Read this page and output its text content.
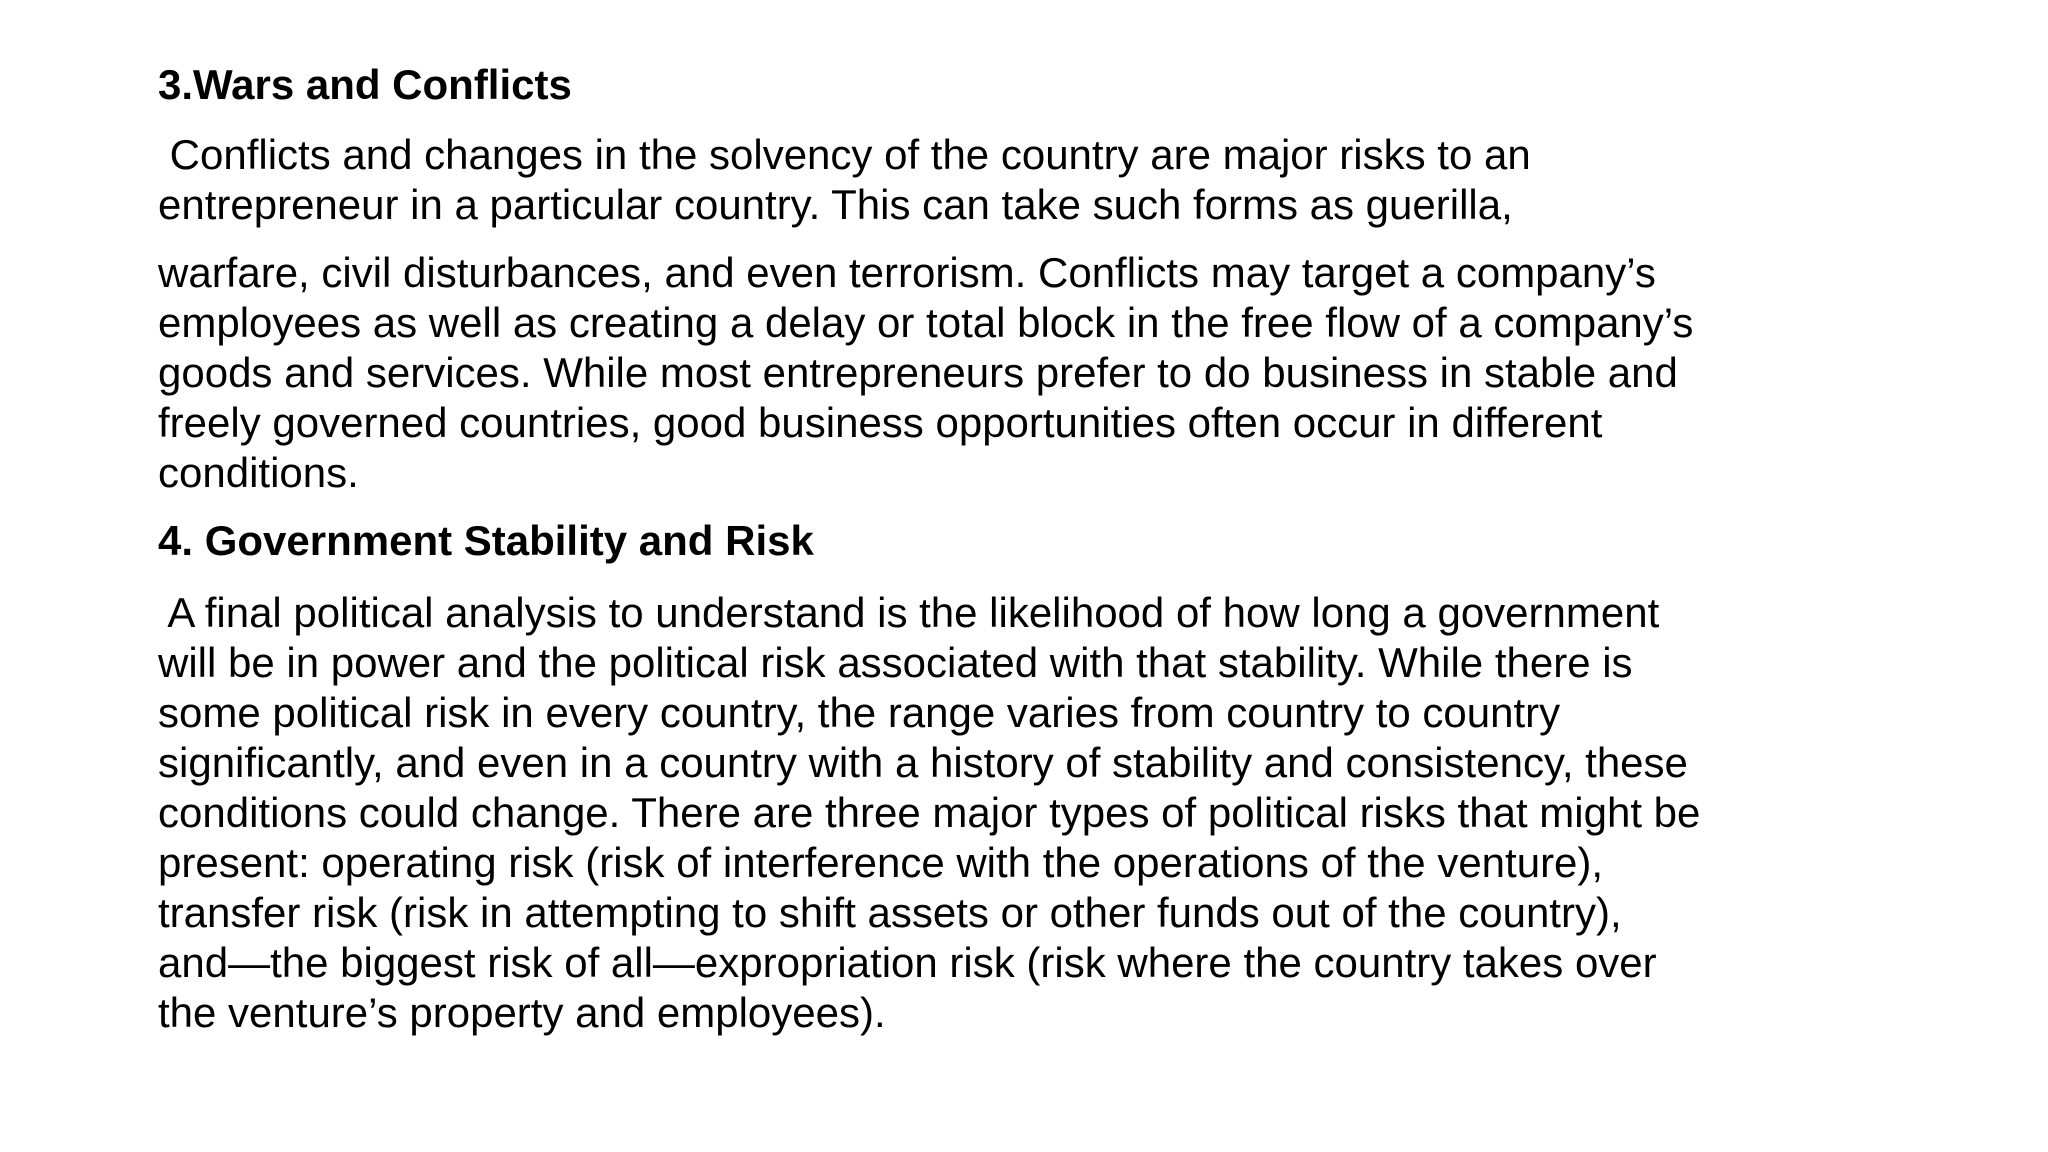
3.Wars and Conflicts

Conflicts and changes in the solvency of the country are major risks to an
entrepreneur in a particular country. This can take such forms as guerilla,

warfare, civil disturbances, and even terrorism. Conflicts may target a company’s
employees as well as creating a delay or total block in the free flow of a company’s
goods and services. While most entrepreneurs prefer to do business in stable and
freely governed countries, good business opportunities often occur in different
conditions.

4. Government Stability and Risk

A final political analysis to understand is the likelihood of how long a government
will be in power and the political risk associated with that stability. While there is
some political risk in every country, the range varies from country to country
significantly, and even in a country with a history of stability and consistency, these
conditions could change. There are three major types of political risks that might be
present: operating risk (risk of interference with the operations of the venture),
transfer risk (risk in attempting to shift assets or other funds out of the country),
and—the biggest risk of all—expropriation risk (risk where the country takes over
the venture’s property and employees).
